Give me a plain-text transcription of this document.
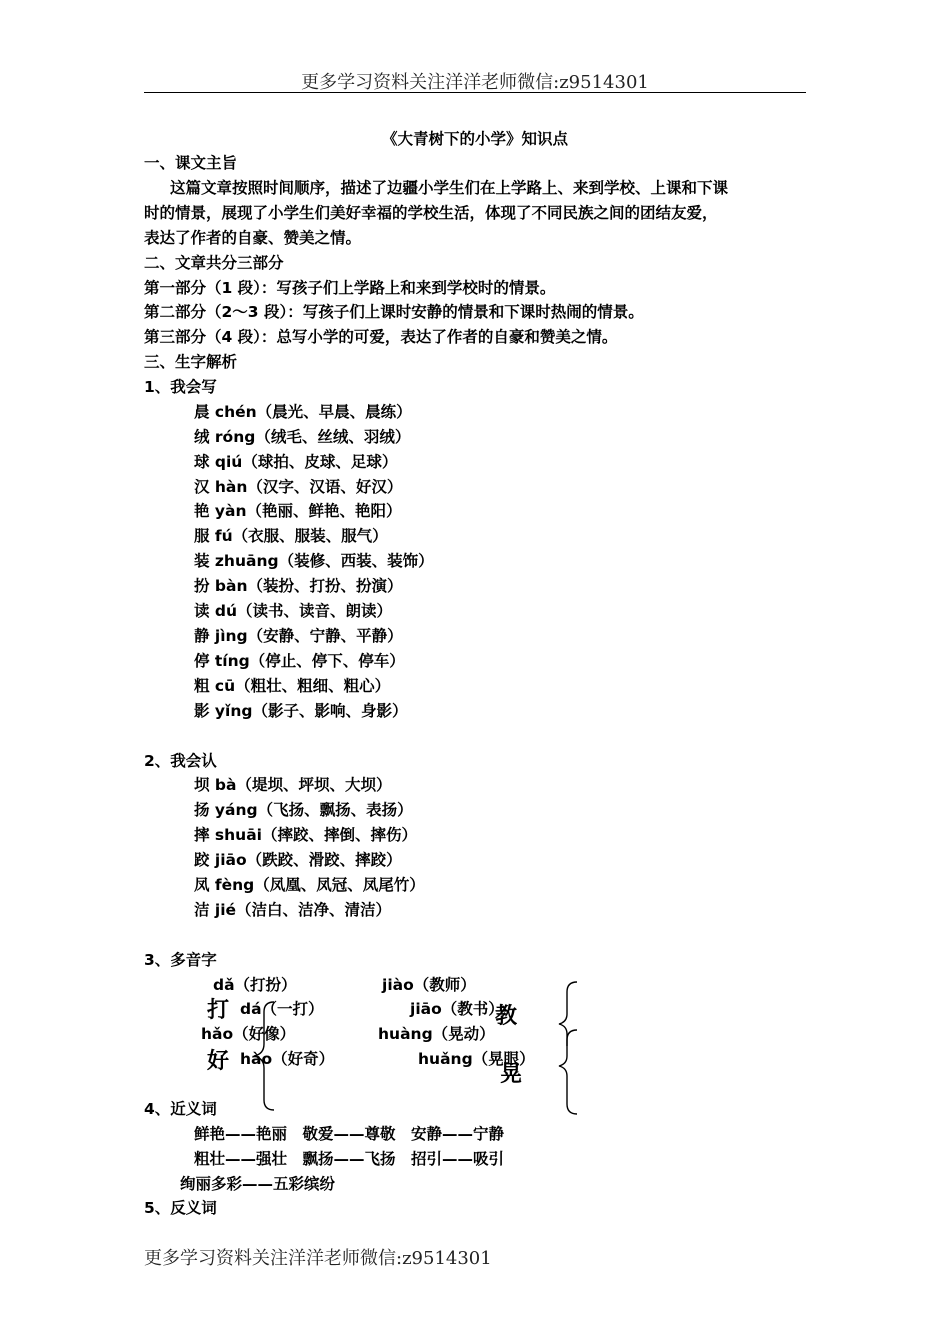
更多学习资料关注洋洋老师微信:z9514301
《大青树下的小学》知识点
一、课文主旨
这篇文章按照时间顺序，描述了边疆小学生们在上学路上、来到学校、上课和下课
时的情景，展现了小学生们美好幸福的学校生活，体现了不同民族之间的团结友爱，
表达了作者的自豪、赞美之情。
二、文章共分三部分
第一部分（1 段）：写孩子们上学路上和来到学校时的情景。
第二部分（2～3 段）：写孩子们上课时安静的情景和下课时热闹的情景。
第三部分（4 段）：总写小学的可爱，表达了作者的自豪和赞美之情。
三、生字解析
1、我会写
晨 chén（晨光、早晨、晨练）
绒 róng（绒毛、丝绒、羽绒）
球 qiú（球拍、皮球、足球）
汉 hàn（汉字、汉语、好汉）
艳 yàn（艳丽、鲜艳、艳阳）
服 fú（衣服、服装、服气）
装 zhuāng（装修、西装、装饰）
扮 bàn（装扮、打扮、扮演）
读 dú（读书、读音、朗读）
静 jìng（安静、宁静、平静）
停 tíng（停止、停下、停车）
粗 cū（粗壮、粗细、粗心）
影 yǐng（影子、影响、身影）
2、我会认
坝 bà（堤坝、坪坝、大坝）
扬 yáng（飞扬、飘扬、表扬）
摔 shuāi（摔跤、摔倒、摔伤）
跤 jiāo（跌跤、滑跤、摔跤）
凤 fèng（凤凰、凤冠、凤尾竹）
洁 jié（洁白、洁净、清洁）
3、多音字
dǎ（打扮）
dá（一打）
hǎo（好像）
hào（好奇）
打
好
jiào（教师）
jiāo（教书）
huàng（晃动）
huǎng（晃眼）
教
晃
4、近义词
鲜艳——艳丽　敬爱——尊敬　安静——宁静
粗壮——强壮　飘扬——飞扬　招引——吸引
绚丽多彩——五彩缤纷
5、反义词
更多学习资料关注洋洋老师微信:z9514301
